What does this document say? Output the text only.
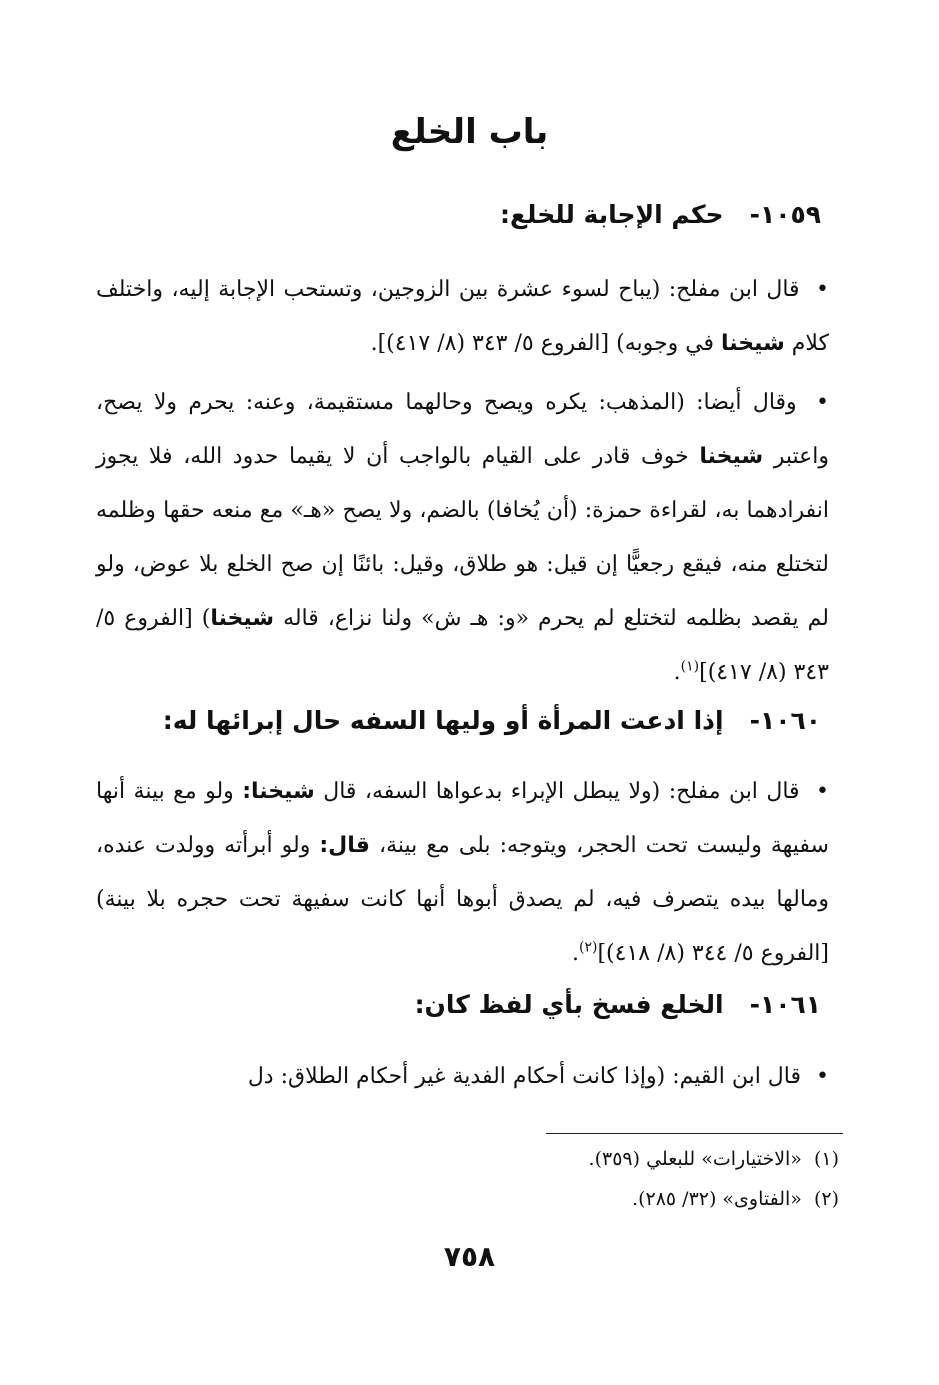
باب الخلع
١٠٥٩-حكم الإجابة للخلع:
• قال ابن مفلح: (يباح لسوء عشرة بين الزوجين، وتستحب الإجابة إليه، واختلف كلام شيخنا في وجوبه) [الفروع ٥/ ٣٤٣ (٨/ ٤١٧)].
• وقال أيضا: (المذهب: يكره ويصح وحالهما مستقيمة، وعنه: يحرم ولا يصح، واعتبر شيخنا خوف قادر على القيام بالواجب أن لا يقيما حدود الله، فلا يجوز انفرادهما به، لقراءة حمزة: (أن يُخافا) بالضم، ولا يصح «هـ» مع منعه حقها وظلمه لتختلع منه، فيقع رجعيًّا إن قيل: هو طلاق، وقيل: بائنًا إن صح الخلع بلا عوض، ولو لم يقصد بظلمه لتختلع لم يحرم «و: هـ ش» ولنا نزاع، قاله شيخنا) [الفروع ٥/ ٣٤٣ (٨/ ٤١٧)]$^{(١)}$.
١٠٦٠-إذا ادعت المرأة أو وليها السفه حال إبرائها له:
• قال ابن مفلح: (ولا يبطل الإبراء بدعواها السفه، قال شيخنا: ولو مع بينة أنها سفيهة وليست تحت الحجر، ويتوجه: بلى مع بينة، قال: ولو أبرأته وولدت عنده، ومالها بيده يتصرف فيه، لم يصدق أبوها أنها كانت سفيهة تحت حجره بلا بينة) [الفروع ٥/ ٣٤٤ (٨/ ٤١٨)]$^{(٢)}$.
١٠٦١-الخلع فسخ بأي لفظ كان:
• قال ابن القيم: (وإذا كانت أحكام الفدية غير أحكام الطلاق: دل
(١)«الاختيارات» للبعلي (٣٥٩).
(٢)«الفتاوى» (٣٢/ ٢٨٥).
٧٥٨
